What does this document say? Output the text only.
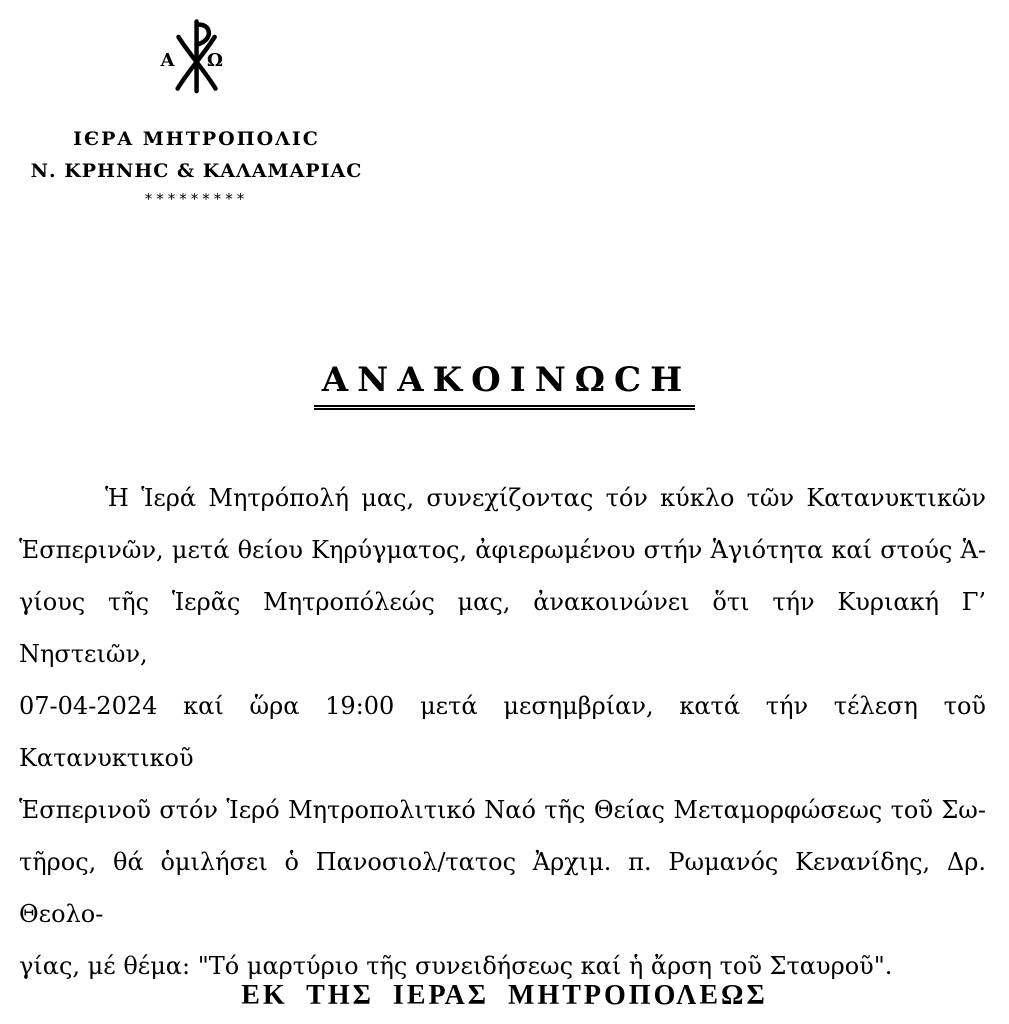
Α Ω
ΙЄΡΑ ΜΗΤΡΟΠΟΛΙC
Ν. ΚΡΗΝΗC & ΚΑΛΑΜΑΡΙΑC
*********
ΑΝΑΚΟΙΝΩCΗ
Ἡ Ἱερά Μητρόπολή μας, συνεχίζοντας τόν κύκλο τῶν Κατανυκτικῶν
Ἑσπερινῶν, μετά θείου Κηρύγματος, ἀφιερωμένου στήν Ἁγιότητα καί στούς Ἁ-
γίους τῆς Ἱερᾶς Μητροπόλεώς μας, ἀνακοινώνει ὅτι τήν Κυριακή Γ’ Νηστειῶν,
07-04-2024 καί ὥρα 19:00 μετά μεσημβρίαν, κατά τήν τέλεση τοῦ Κατανυκτικοῦ
Ἑσπερινοῦ στόν Ἱερό Μητροπολιτικό Ναό τῆς Θείας Μεταμορφώσεως τοῦ Σω-
τῆρος, θά ὁμιλήσει ὁ Πανοσιολ/τατος Ἀρχιμ. π. Ρωμανός Κενανίδης, Δρ. Θεολο-
γίας, μέ θέμα: "Τό μαρτύριο τῆς συνειδήσεως καί ἡ ἄρση τοῦ Σταυροῦ".
ΕΚ ΤΗΣ ΙΕΡΑΣ ΜΗΤΡΟΠΟΛΕΩΣ
